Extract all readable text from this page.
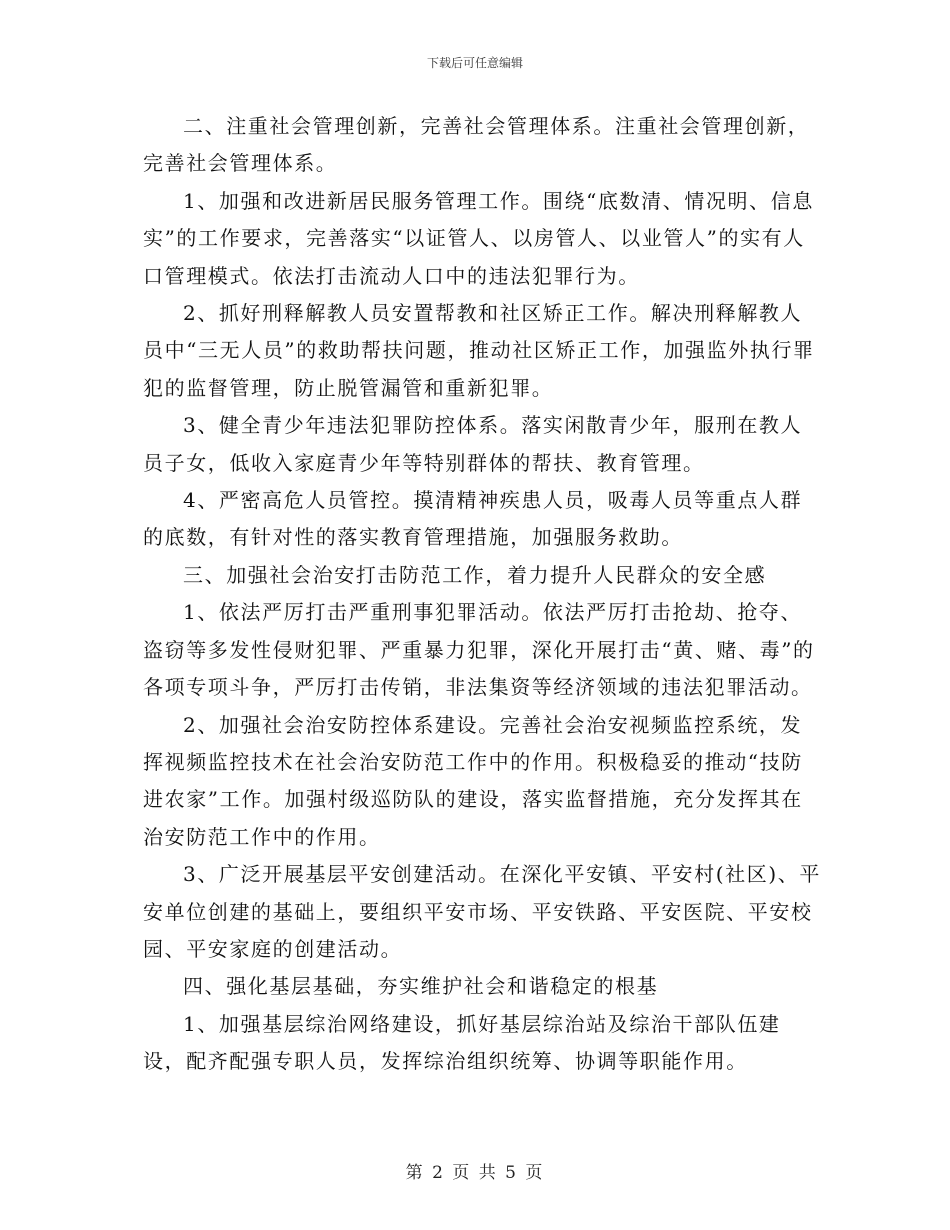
下载后可任意编辑

二、注重社会管理创新，完善社会管理体系。注重社会管理创新，完善社会管理体系。

1、加强和改进新居民服务管理工作。围绕“底数清、情况明、信息实”的工作要求，完善落实“以证管人、以房管人、以业管人”的实有人口管理模式。依法打击流动人口中的违法犯罪行为。

2、抓好刑释解教人员安置帮教和社区矫正工作。解决刑释解教人员中“三无人员”的救助帮扶问题，推动社区矫正工作，加强监外执行罪犯的监督管理，防止脱管漏管和重新犯罪。

3、健全青少年违法犯罪防控体系。落实闲散青少年，服刑在教人员子女，低收入家庭青少年等特别群体的帮扶、教育管理。

4、严密高危人员管控。摸清精神疾患人员，吸毒人员等重点人群的底数，有针对性的落实教育管理措施，加强服务救助。

三、加强社会治安打击防范工作，着力提升人民群众的安全感

1、依法严厉打击严重刑事犯罪活动。依法严厉打击抢劫、抢夺、盗窃等多发性侵财犯罪、严重暴力犯罪，深化开展打击“黄、赌、毒”的各项专项斗争，严厉打击传销，非法集资等经济领域的违法犯罪活动。

2、加强社会治安防控体系建设。完善社会治安视频监控系统，发挥视频监控技术在社会治安防范工作中的作用。积极稳妥的推动“技防进农家”工作。加强村级巡防队的建设，落实监督措施，充分发挥其在治安防范工作中的作用。

3、广泛开展基层平安创建活动。在深化平安镇、平安村(社区)、平安单位创建的基础上，要组织平安市场、平安铁路、平安医院、平安校园、平安家庭的创建活动。

四、强化基层基础，夯实维护社会和谐稳定的根基

1、加强基层综治网络建设，抓好基层综治站及综治干部队伍建设，配齐配强专职人员，发挥综治组织统筹、协调等职能作用。

第 2 页 共 5 页
